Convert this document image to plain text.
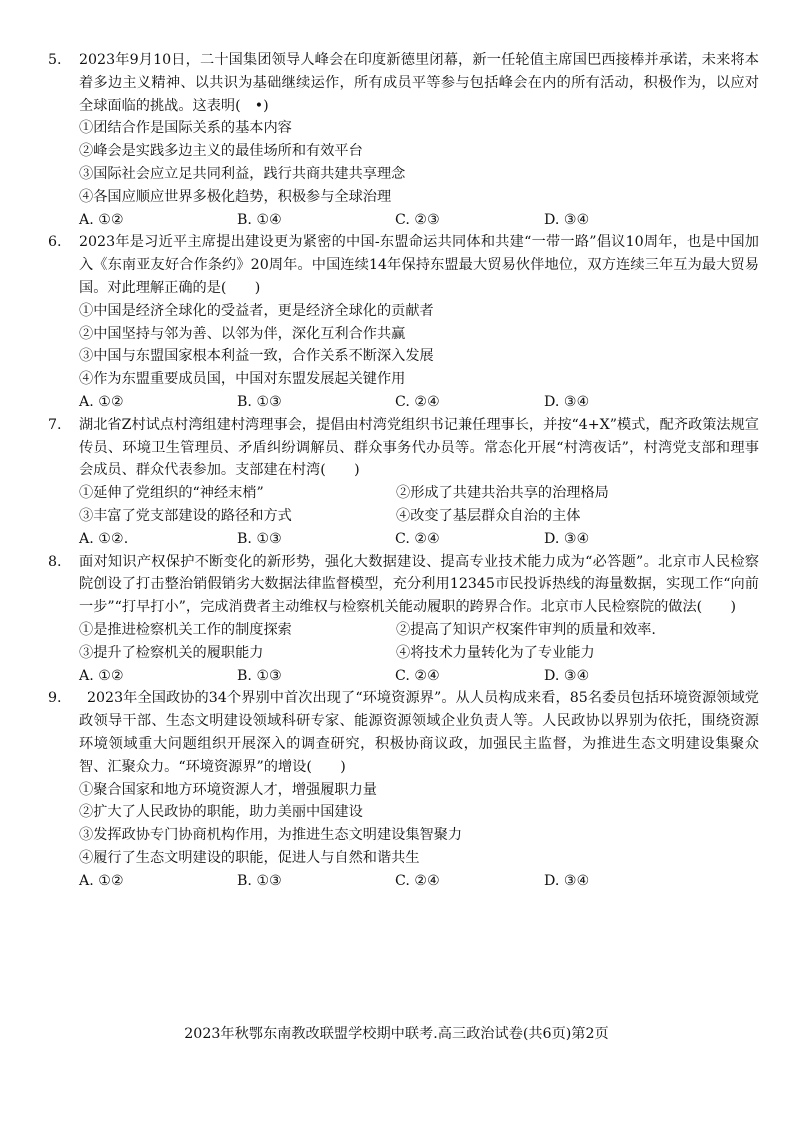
5. 2023年9月10日，二十国集团领导人峰会在印度新德里闭幕，新一任轮值主席国巴西接棒并承诺，未来将本着多边主义精神、以共识为基础继续运作，所有成员平等参与包括峰会在内的所有活动，积极作为，以应对全球面临的挑战。这表明(　•)
①团结合作是国际关系的基本内容
②峰会是实践多边主义的最佳场所和有效平台
③国际社会应立足共同利益，践行共商共建共享理念
④各国应顺应世界多极化趋势，积极参与全球治理
A. ①②	B. ①④	C. ②③	D. ③④
6. 2023年是习近平主席提出建设更为紧密的中国-东盟命运共同体和共建“一带一路”倡议10周年，也是中国加入《东南亚友好合作条约》20周年。中国连续14年保持东盟最大贸易伙伴地位，双方连续三年互为最大贸易国。对此理解正确的是(　　)
①中国是经济全球化的受益者，更是经济全球化的贡献者
②中国坚持与邻为善、以邻为伴，深化互利合作共赢
③中国与东盟国家根本利益一致，合作关系不断深入发展
④作为东盟重要成员国，中国对东盟发展起关键作用
A. ①②	B. ①③	C. ②④	D. ③④
7. 湖北省Z村试点村湾组建村湾理事会，提倡由村湾党组织书记兼任理事长，并按“4+X”模式，配齐政策法规宣传员、环境卫生管理员、矛盾纠纷调解员、群众事务代办员等。常态化开展“村湾夜话”，村湾党支部和理事会成员、群众代表参加。支部建在村湾(　　)
①延伸了党组织的“神经末梢”	②形成了共建共治共享的治理格局
③丰富了党支部建设的路径和方式	④改变了基层群众自治的主体
A. ①②.	B. ①③	C. ②④	D. ③④
8. 面对知识产权保护不断变化的新形势，强化大数据建设、提高专业技术能力成为“必答题”。北京市人民检察院创设了打击整治销假销劣大数据法律监督模型，充分利用12345市民投诉热线的海量数据，实现工作“向前一步”“打早打小”，完成消费者主动维权与检察机关能动履职的跨界合作。北京市人民检察院的做法(　　)
①是推进检察机关工作的制度探索	②提高了知识产权案件审判的质量和效率.
③提升了检察机关的履职能力	④将技术力量转化为了专业能力
A. ①②	B. ①③	C. ②④	D. ③④
9.	2023年全国政协的34个界别中首次出现了“环境资源界”。从人员构成来看，85名委员包括环境资源领域党政领导干部、生态文明建设领域科研专家、能源资源领域企业负责人等。人民政协以界别为依托，围绕资源环境领域重大问题组织开展深入的调查研究，积极协商议政，加强民主监督，为推进生态文明建设集聚众智、汇聚众力。“环境资源界”的增设(　　)
①聚合国家和地方环境资源人才，增强履职力量
②扩大了人民政协的职能，助力美丽中国建设
③发挥政协专门协商机构作用，为推进生态文明建设集智聚力
④履行了生态文明建设的职能，促进人与自然和谐共生
A. ①②	B. ①③	C. ②④	D. ③④
2023年秋鄂东南教改联盟学校期中联考.高三政治试卷(共6页)第2页
